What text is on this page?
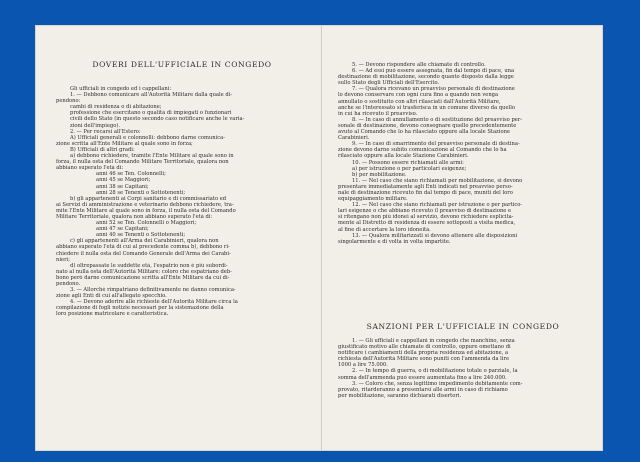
DOVERI DELL'UFFICIALE IN CONGEDO
Gli ufficiali in congedo ed i cappellani:
1. — Debbono comunicare all'Autorità Militare dalla quale di-
pendono:
cambi di residenza o di abitazione;
professione che esercitano o qualità di impiegati o funzionari
civili dello Stato (in questo secondo caso notificare anche le varia-
zioni dell'impiego).
2. — Per recarsi all'Estero:
A) Ufficiali generali e colonnelli: debbono darne comunica-
zione scritta all'Ente Militare al quale sono in forza;
B) Ufficiali di altri gradi:
a) debbono richiedere, tramite l'Ente Militare al quale sono in
forza, il nulla osta del Comando Militare Territoriale, qualora non
abbiano superato l'età di:
anni 46 se Ten. Colonnelli;
anni 45 se Maggiori;
anni 38 se Capitani;
anni 28 se Tenenti o Sottotenenti;
b) gli appartenenti ai Corpi sanitario e di commissariato ed
ai Servizi di amministrazione e veterinario debbono richiedere, tra-
mite l'Ente Militare al quale sono in forza, il nulla osta del Comando
Militare Territoriale, qualora non abbiano superato l'età di:
anni 52 se Ten. Colonnelli o Maggiori;
anni 47 se Capitani;
anni 40 se Tenenti o Sottotenenti;
c) gli appartenenti all'Arma dei Carabinieri, qualora non
abbiano superato l'età di cui al precedente comma b), debbono ri-
chiedere il nulla osta del Comando Generale dell'Arma dei Carabi-
nieri;
d) oltrepassate le suddette età, l'espatrio non è più subordi-
nato al nulla osta dell'Autorità Militare: coloro che espatriano deb-
bono però darne comunicazione scritta all'Ente Militare da cui di-
pendono.
3. — Allorché rimpatriano definitivamente ne danno comunica-
zione agli Enti di cui all'allegato specchio.
4. — Devono aderire alle richieste dell'Autorità Militare circa la
compilazione di fogli notizie necessari per la sistemazione della
loro posizione matricolare e caratteristica.
5. — Devono rispondere alle chiamate di controllo.
6. — Ad essi può essere assegnata, fin dal tempo di pace, una
destinazione di mobilitazione, secondo quanto disposto dalla legge
sullo Stato degli Ufficiali dell'Esercito.
7. — Qualora ricevano un preavviso personale di destinazione
lo devono conservare con ogni cura fino a quando non venga
annullato o sostituito con altri rilasciati dall'Autorità Militare,
anche se l'interessato si trasferisca in un comune diverso da quello
in cui ha ricevuto il preavviso.
8. — In caso di annullamento o di sostituzione del preavviso per-
sonale di destinazione, devono consegnare quello precedentemente
avuto al Comando che lo ha rilasciato oppure alla locale Stazione
Carabinieri.
9. — In caso di smarrimento del preavviso personale di destina-
zione devono darne subito comunicazione al Comando che lo ha
rilasciato oppure alla locale Stazione Carabinieri.
10. — Possono essere richiamati alle armi:
a) per istruzione o per particolari esigenze;
b) per mobilitazione.
11. — Nel caso che siano richiamati per mobilitazione, si devono
presentare immediatamente agli Enti indicati nel preavviso perso-
nale di destinazione ricevuto fin dal tempo di pace, muniti del loro
equipaggiamento militare.
12. — Nel caso che siano richiamati per istruzione o per partico-
lari esigenze o che abbiano ricevuto il preavviso di destinazione e
si ritengano non più idonei al servizio, devono richiedere esplicita-
mente al Distretto di residenza di essere sottoposti a visita medica,
al fine di accertare la loro idoneità.
13. — Qualora militarizzati si devono attenere alle disposizioni
singolarmente e di volta in volta impartite.
SANZIONI PER L'UFFICIALE IN CONGEDO
1. — Gli ufficiali e cappellani in congedo che manchino, senza
giustificato motivo alle chiamate di controllo, oppure omettano di
notificare i cambiamenti della propria residenza ed abitazione, a
richiesta dell'Autorità Militare sono puniti con l'ammenda da lire
1000 a lire 75.000.
2. — In tempo di guerra, o di mobilitazione totale o parziale, la
somma dell'ammenda può essere aumentata fino a lire 240.000.
3. — Coloro che, senza legittimo impedimento debitamente com-
provato, ritarderanno a presentarsi alle armi in caso di richiamo
per mobilitazione, saranno dichiarati disertori.
